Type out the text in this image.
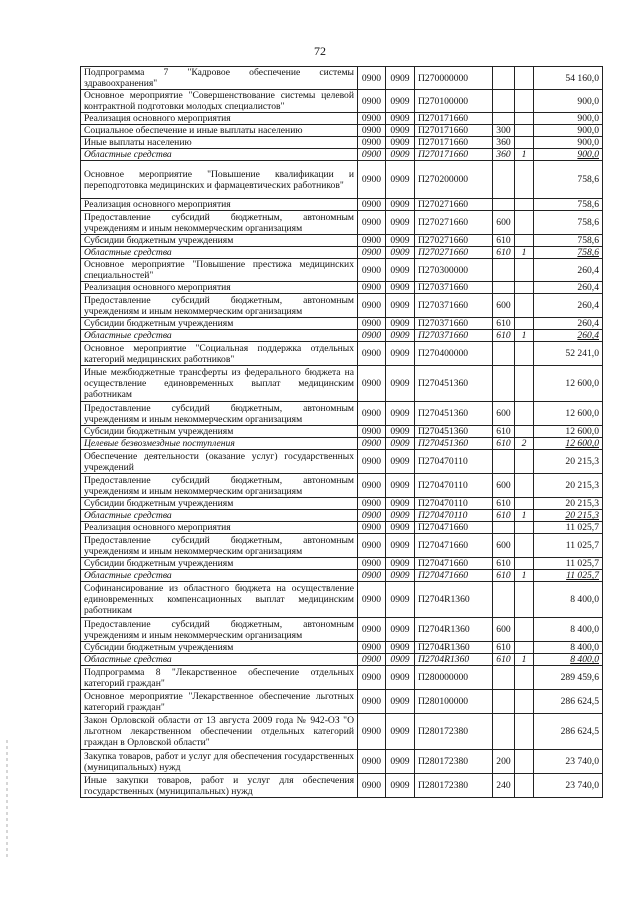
72
Подпрограмма 7 "Кадровое обеспечение системы здравоохранения"	0900	0909	П270000000			54 160,0
Основное мероприятие "Совершенствование системы целевой контрактной подготовки молодых специалистов"	0900	0909	П270100000			900,0
Реализация основного мероприятия	0900	0909	П270171660			900,0
Социальное обеспечение и иные выплаты населению	0900	0909	П270171660	300		900,0
Иные выплаты населению	0900	0909	П270171660	360		900,0
Областные средства	0900	0909	П270171660	360	1	900,0
Основное мероприятие "Повышение квалификации и переподготовка медицинских и фармацевтических работников"	0900	0909	П270200000			758,6
Реализация основного мероприятия	0900	0909	П270271660			758,6
Предоставление субсидий бюджетным, автономным учреждениям и иным некоммерческим организациям	0900	0909	П270271660	600		758,6
Субсидии бюджетным учреждениям	0900	0909	П270271660	610		758,6
Областные средства	0900	0909	П270271660	610	1	758,6
Основное мероприятие "Повышение престижа медицинских специальностей"	0900	0909	П270300000			260,4
Реализация основного мероприятия	0900	0909	П270371660			260,4
Предоставление субсидий бюджетным, автономным учреждениям и иным некоммерческим организациям	0900	0909	П270371660	600		260,4
Субсидии бюджетным учреждениям	0900	0909	П270371660	610		260,4
Областные средства	0900	0909	П270371660	610	1	260,4
Основное мероприятие "Социальная поддержка отдельных категорий медицинских работников"	0900	0909	П270400000			52 241,0
Иные межбюджетные трансферты из федерального бюджета на осуществление единовременных выплат медицинским работникам	0900	0909	П270451360			12 600,0
Предоставление субсидий бюджетным, автономным учреждениям и иным некоммерческим организациям	0900	0909	П270451360	600		12 600,0
Субсидии бюджетным учреждениям	0900	0909	П270451360	610		12 600,0
Целевые безвозмездные поступления	0900	0909	П270451360	610	2	12 600,0
Обеспечение деятельности (оказание услуг) государственных учреждений	0900	0909	П270470110			20 215,3
Предоставление субсидий бюджетным, автономным учреждениям и иным некоммерческим организациям	0900	0909	П270470110	600		20 215,3
Субсидии бюджетным учреждениям	0900	0909	П270470110	610		20 215,3
Областные средства	0900	0909	П270470110	610	1	20 215,3
Реализация основного мероприятия	0900	0909	П270471660			11 025,7
Предоставление субсидий бюджетным, автономным учреждениям и иным некоммерческим организациям	0900	0909	П270471660	600		11 025,7
Субсидии бюджетным учреждениям	0900	0909	П270471660	610		11 025,7
Областные средства	0900	0909	П270471660	610	1	11 025,7
Софинансирование из областного бюджета на осуществление единовременных компенсационных выплат медицинским работникам	0900	0909	П2704R1360			8 400,0
Предоставление субсидий бюджетным, автономным учреждениям и иным некоммерческим организациям	0900	0909	П2704R1360	600		8 400,0
Субсидии бюджетным учреждениям	0900	0909	П2704R1360	610		8 400,0
Областные средства	0900	0909	П2704R1360	610	1	8 400,0
Подпрограмма 8 "Лекарственное обеспечение отдельных категорий граждан"	0900	0909	П280000000			289 459,6
Основное мероприятие "Лекарственное обеспечение льготных категорий граждан"	0900	0909	П280100000			286 624,5
Закон Орловской области от 13 августа 2009 года № 942-ОЗ "О льготном лекарственном обеспечении отдельных категорий граждан в Орловской области"	0900	0909	П280172380			286 624,5
Закупка товаров, работ и услуг для обеспечения государственных (муниципальных) нужд	0900	0909	П280172380	200		23 740,0
Иные закупки товаров, работ и услуг для обеспечения государственных (муниципальных) нужд	0900	0909	П280172380	240		23 740,0
